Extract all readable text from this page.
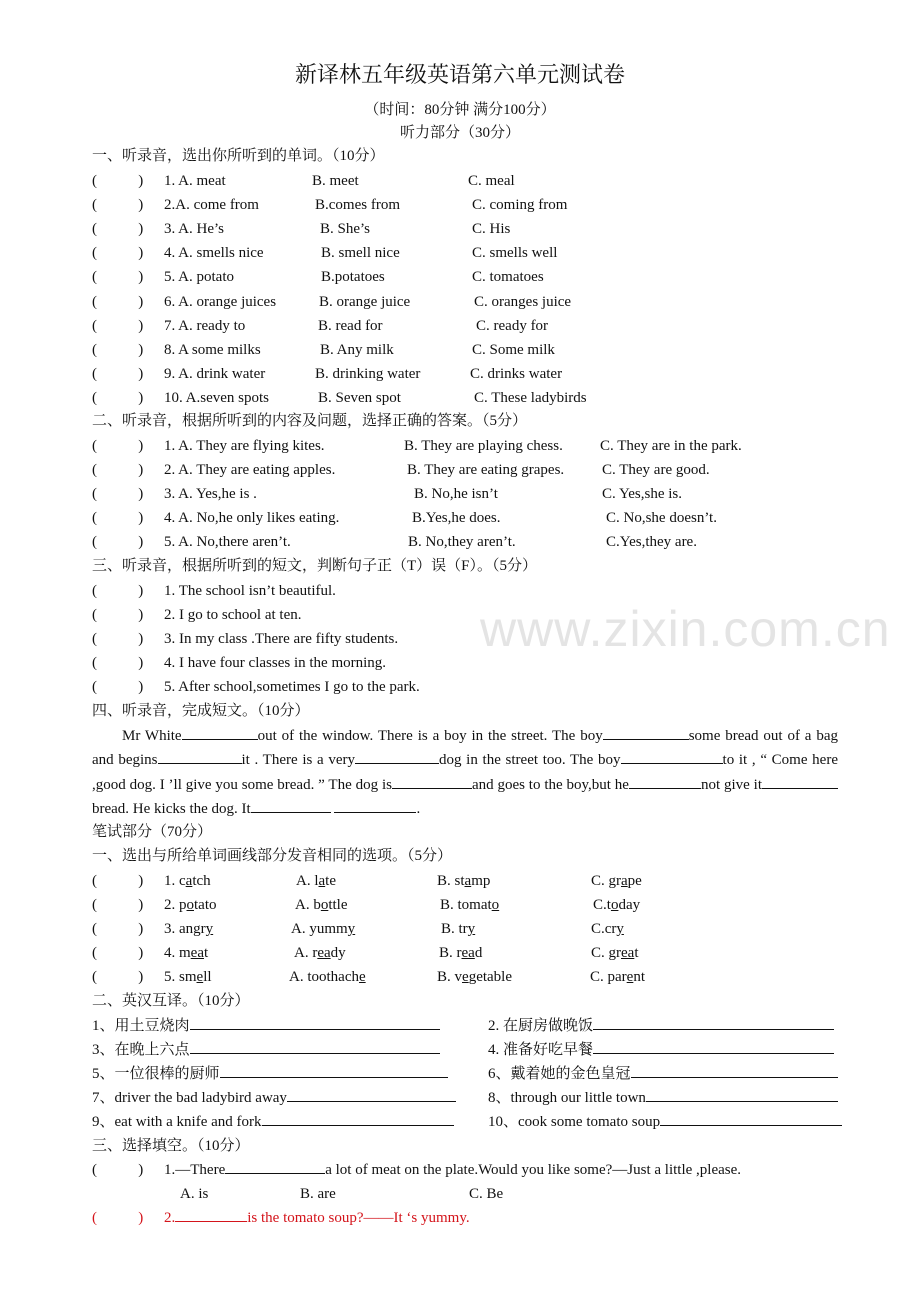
www.zixin.com.cn
新译林五年级英语第六单元测试卷
（时间：80分钟 满分100分）
听力部分（30分）
一、听录音，选出你所听到的单词。（10分）
二、听录音，根据所听到的内容及问题，选择正确的答案。（5分）
三、听录音，根据所听到的短文，判断句子正（T）误（F）。（5分）
四、听录音，完成短文。（10分）
Mr White	out of the window. There is a boy in the street. The boy	some bread out of a bag and begins	it . There is a very	dog in the street too. The boy	to it , “ Come here ,good dog. I ’ll give you some bread. ” The dog is	and goes to the boy,but he	not give itbread. He kicks the dog. It	.
笔试部分（70分）
一、选出与所给单词画线部分发音相同的选项。（5分）
二、英汉互译。（10分）
三、选择填空。（10分）
(           ) 1.—There	a lot of meat on the plate.Would you like some?—Just a little ,please.
A. is	B. are	C. Be
(           ) 2.	is the tomato soup?——It ‘s yummy.
(           ) 1. A. meat	B. meet	C. meal
(           ) 2.A. come from	B.comes from	C. coming from
(           ) 3. A. He’s	B. She’s	C. His
(           ) 4. A. smells nice	B. smell nice	C. smells well
(           ) 5. A. potato	B.potatoes	C. tomatoes
(           ) 6. A. orange juices	B. orange juice	C. oranges juice
(           ) 7. A. ready to	B. read for	C. ready for
(           ) 8. A some milks	B. Any milk	C. Some milk
(           ) 9. A. drink water	B. drinking water	C. drinks water
(           ) 10. A.seven spots	B. Seven spot	C. These ladybirds
(           ) 1. A. They are flying kites.	B. They are playing chess. C. They are in the park.
(           ) 2. A. They are eating apples.	B. They are eating grapes.	C. They are good.
(           ) 3. A. Yes,he is .	B. No,he isn’t	C. Yes,she is.
(           ) 4. A. No,he only likes eating.	B.Yes,he does.	C. No,she doesn’t.
(           ) 5. A. No,there aren’t.	B. No,they aren’t.	C.Yes,they are.
(           ) 1. The school isn’t beautiful.
(           ) 2. I go to school at ten.
(           ) 3. In my class .There are fifty students.
(           ) 4. I have four classes in the morning.
(           ) 5. After school,sometimes I go to the park.
(           ) 1. catch	A. late	B. stamp	C. grape
(           ) 2. potato	A. bottle	B. tomato	C.today
(           ) 3. angry	A. yummy	B. try	C.cry
(           ) 4. meat	A. ready	B. read	C. great
(           ) 5. smell	A. toothache	B. vegetable	C. parent
1、用土豆烧肉	2. 在厨房做晚饭
3、在晚上六点	4. 准备好吃早餐
5、一位很棒的厨师	6、戴着她的金色皇冠
7、driver the bad ladybird away	8、through our little town
9、eat with a knife and fork	10、cook some tomato soup
